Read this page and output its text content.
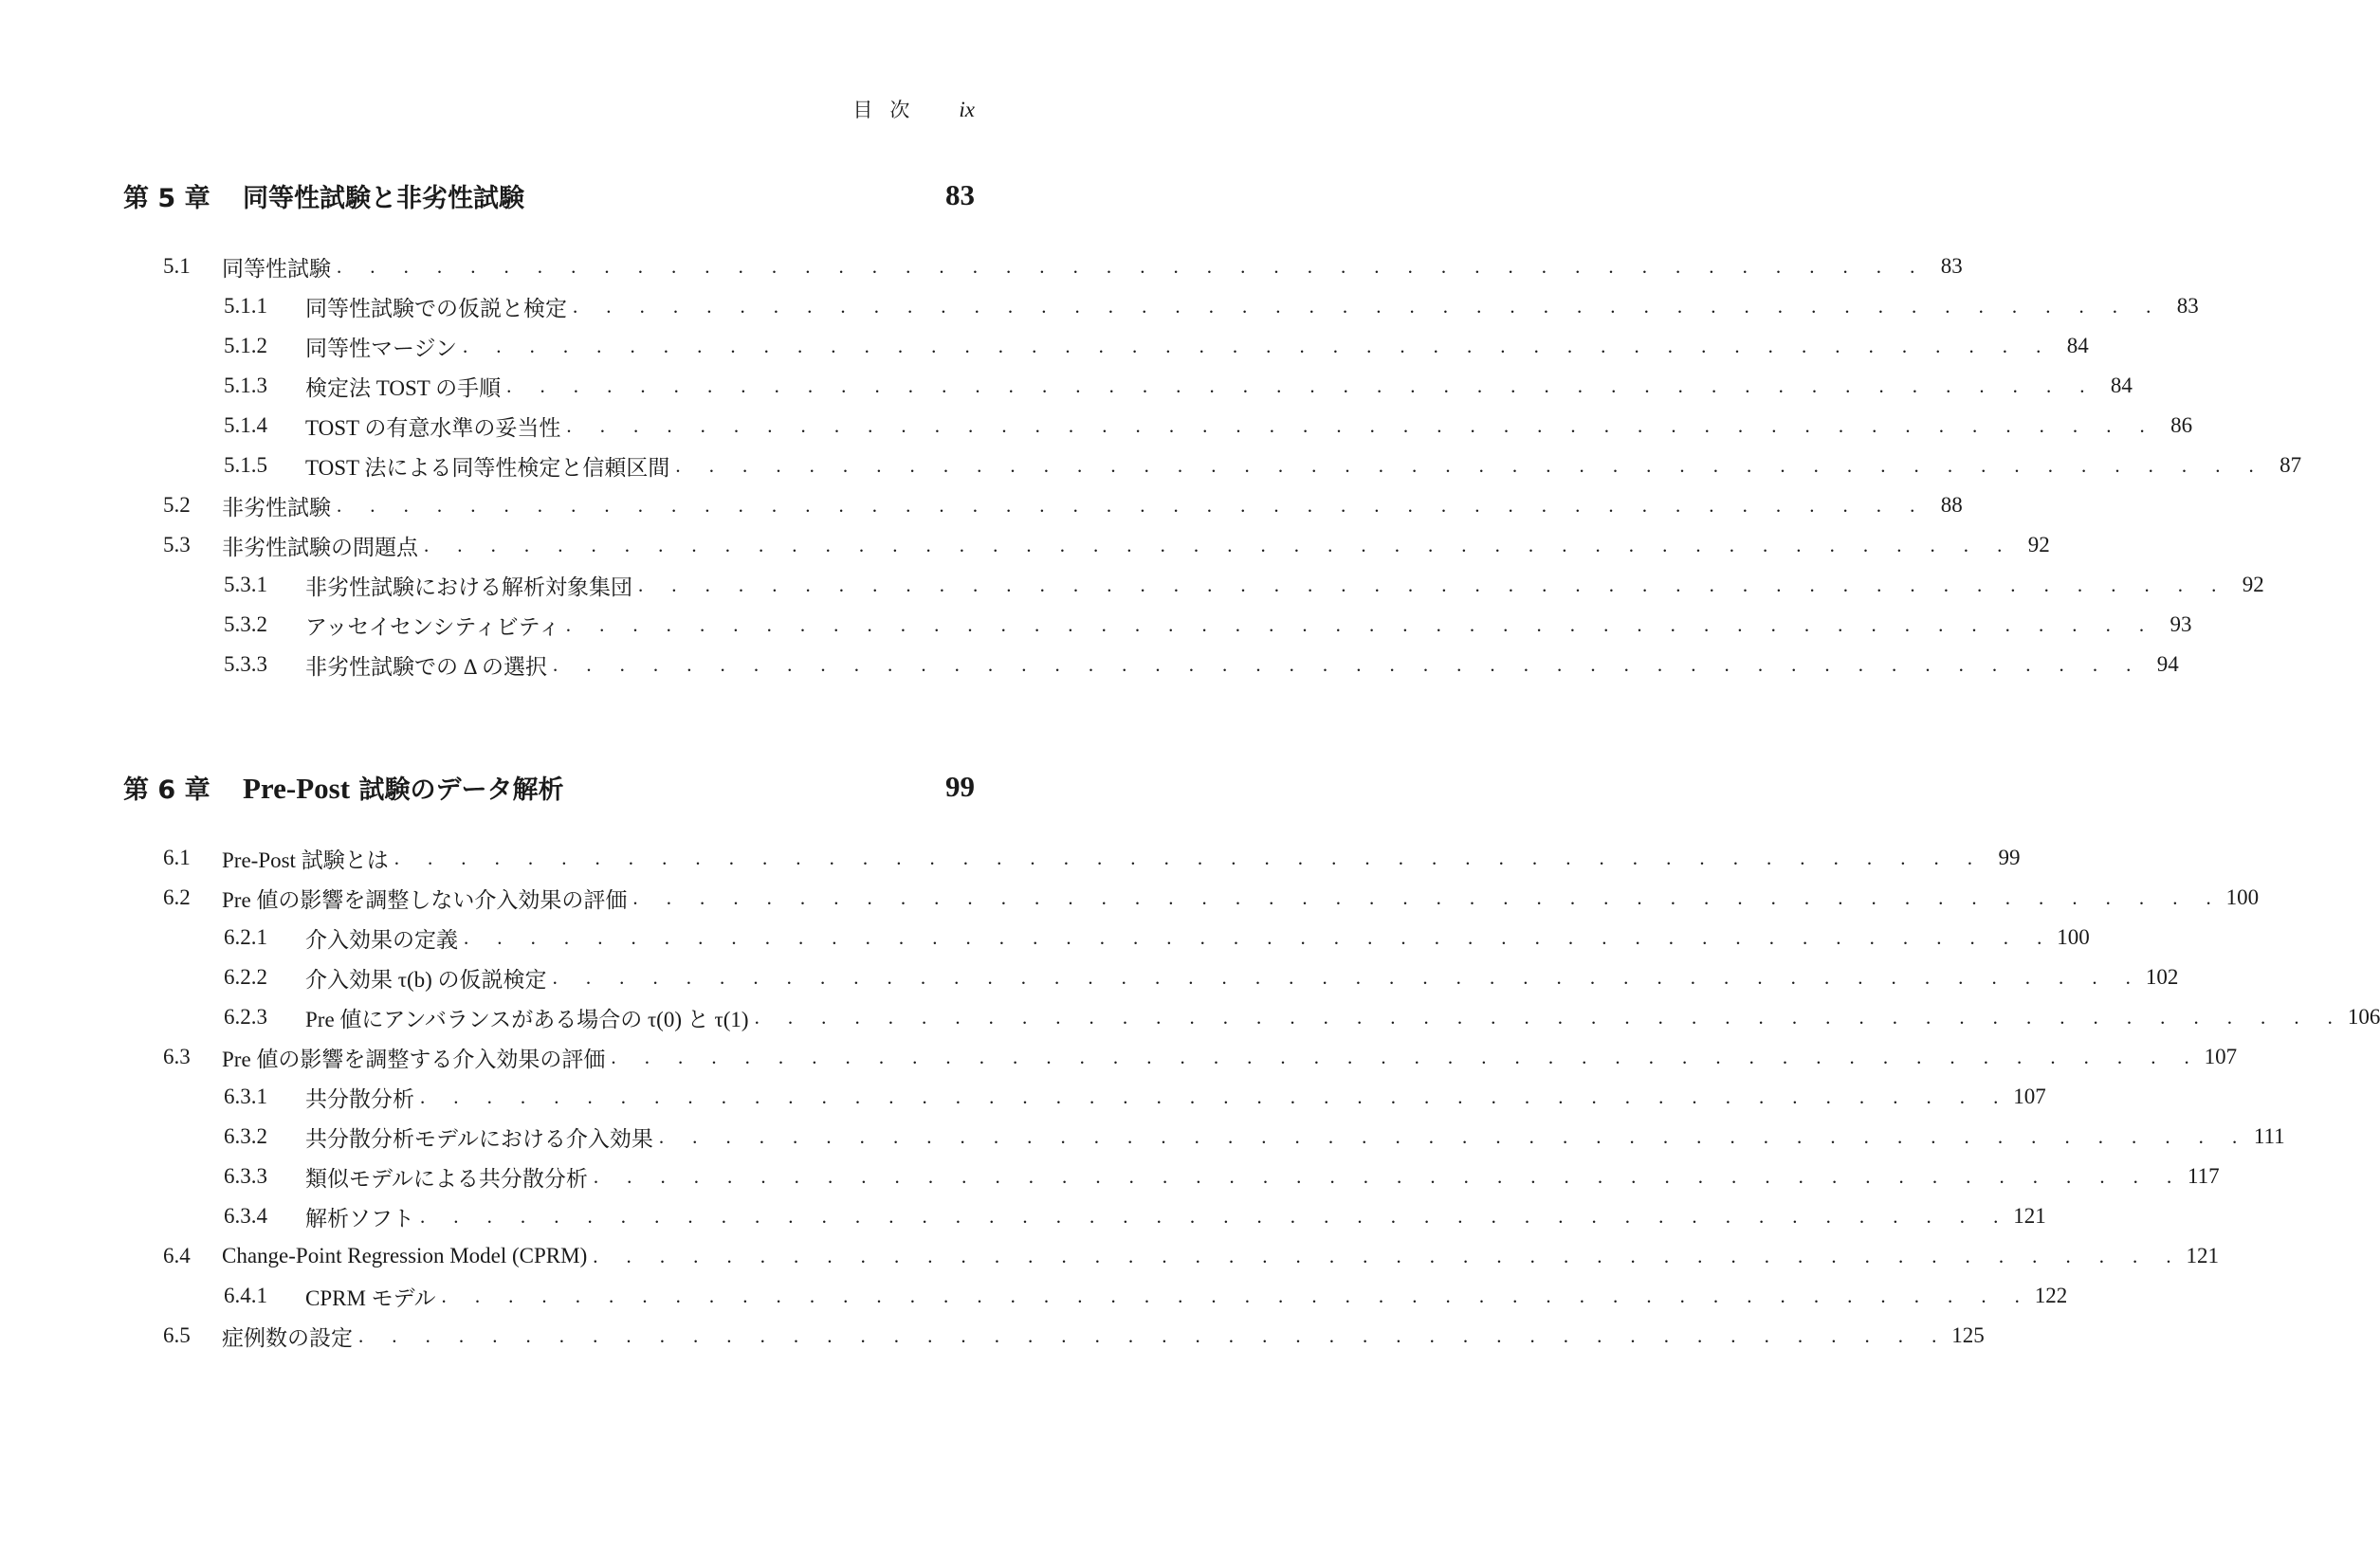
目次 ix
第 5 章	同等性試験と非劣性試験	83
5.1	同等性試験 . . . . . . . . . . . . . . . . . . . . . . . . . . . . . . . . . . . . . . . . . . . . . . . . 83
5.1.1	同等性試験での仮説と検定 . . . . . . . . . . . . . . . . . . . . . . . . . . . . . . . . . . . . . . . . . . . . . . . . 83
5.1.2	同等性マージン . . . . . . . . . . . . . . . . . . . . . . . . . . . . . . . . . . . . . . . . . . . . . . . . 84
5.1.3	検定法 TOST の手順 . . . . . . . . . . . . . . . . . . . . . . . . . . . . . . . . . . . . . . . . . . . . . . . . 84
5.1.4	TOST の有意水準の妥当性 . . . . . . . . . . . . . . . . . . . . . . . . . . . . . . . . . . . . . . . . . . . . . . . . 86
5.1.5	TOST 法による同等性検定と信頼区間 . . . . . . . . . . . . . . . . . . . . . . . . . . . . . . . . . . . . . . . . . . . . . . . . 87
5.2	非劣性試験 . . . . . . . . . . . . . . . . . . . . . . . . . . . . . . . . . . . . . . . . . . . . . . . . 88
5.3	非劣性試験の問題点 . . . . . . . . . . . . . . . . . . . . . . . . . . . . . . . . . . . . . . . . . . . . . . . . 92
5.3.1	非劣性試験における解析対象集団 . . . . . . . . . . . . . . . . . . . . . . . . . . . . . . . . . . . . . . . . . . . . . . . . 92
5.3.2	アッセイセンシティビティ . . . . . . . . . . . . . . . . . . . . . . . . . . . . . . . . . . . . . . . . . . . . . . . . 93
5.3.3	非劣性試験での Δ の選択 . . . . . . . . . . . . . . . . . . . . . . . . . . . . . . . . . . . . . . . . . . . . . . . . 94
第 6 章	Pre-Post 試験のデータ解析	99
6.1	Pre-Post 試験とは . . . . . . . . . . . . . . . . . . . . . . . . . . . . . . . . . . . . . . . . . . . . . . . . 99
6.2	Pre 値の影響を調整しない介入効果の評価 . . . . . . . . . . . . . . . . . . . . . . . . . . . . . . . . . . . . . . . . . . . . . . . . 100
6.2.1	介入効果の定義 . . . . . . . . . . . . . . . . . . . . . . . . . . . . . . . . . . . . . . . . . . . . . . . . 100
6.2.2	介入効果 τ(b) の仮説検定 . . . . . . . . . . . . . . . . . . . . . . . . . . . . . . . . . . . . . . . . . . . . . . . . 102
6.2.3	Pre 値にアンバランスがある場合の τ(0) と τ(1) . . . . . . . . . . . . . . . . . . . . . . . . . . . . . . . . . . . . . . . . . . . . . . . . 106
6.3	Pre 値の影響を調整する介入効果の評価 . . . . . . . . . . . . . . . . . . . . . . . . . . . . . . . . . . . . . . . . . . . . . . . . 107
6.3.1	共分散分析 . . . . . . . . . . . . . . . . . . . . . . . . . . . . . . . . . . . . . . . . . . . . . . . . 107
6.3.2	共分散分析モデルにおける介入効果 . . . . . . . . . . . . . . . . . . . . . . . . . . . . . . . . . . . . . . . . . . . . . . . . 111
6.3.3	類似モデルによる共分散分析 . . . . . . . . . . . . . . . . . . . . . . . . . . . . . . . . . . . . . . . . . . . . . . . . 117
6.3.4	解析ソフト . . . . . . . . . . . . . . . . . . . . . . . . . . . . . . . . . . . . . . . . . . . . . . . . 121
6.4	Change-Point Regression Model (CPRM) . . . . . . . . . . . . . . . . . . . . . . . . . . . . . . . . . . . . . . . . . . . . . . . . 121
6.4.1	CPRM モデル . . . . . . . . . . . . . . . . . . . . . . . . . . . . . . . . . . . . . . . . . . . . . . . . 122
6.5	症例数の設定 . . . . . . . . . . . . . . . . . . . . . . . . . . . . . . . . . . . . . . . . . . . . . . . . 125
